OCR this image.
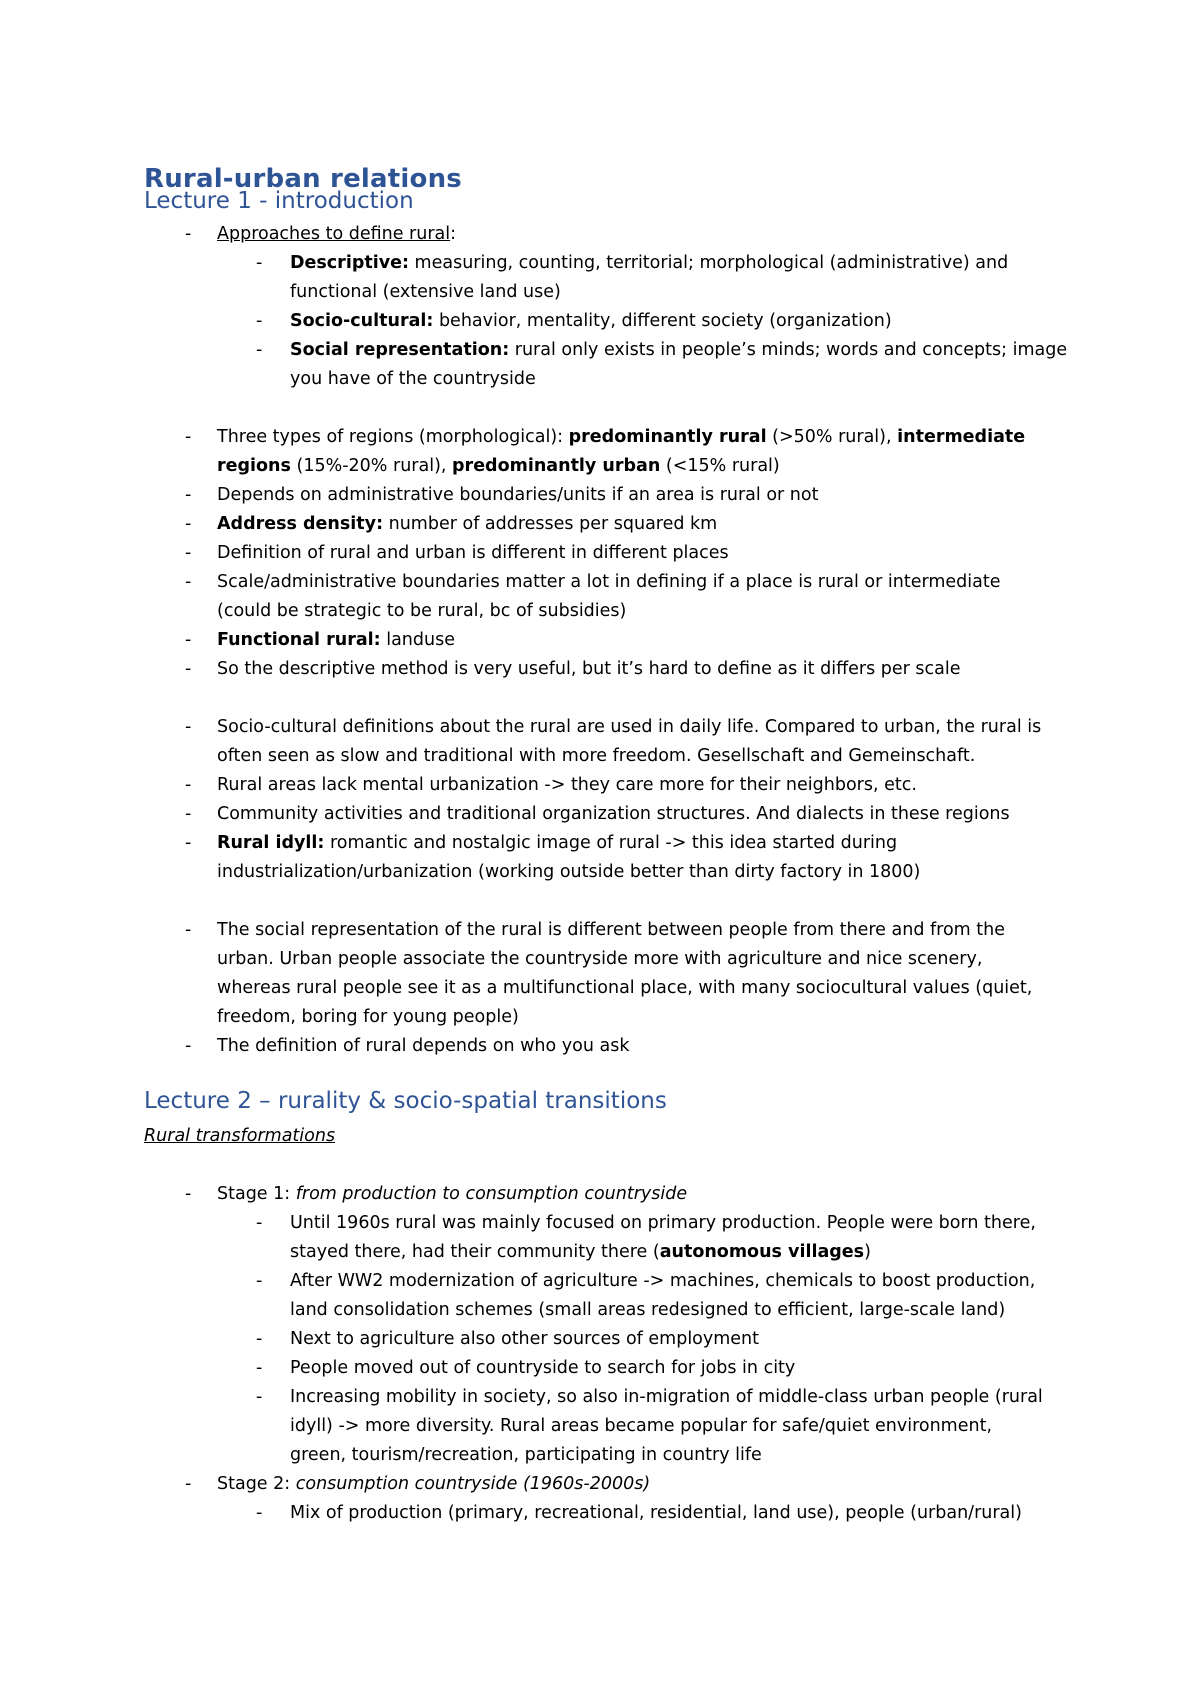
Rural-urban relations
Lecture 1 - introduction
- Approaches to define rural:
- Descriptive: measuring, counting, territorial; morphological (administrative) and
functional (extensive land use)
- Socio-cultural: behavior, mentality, different society (organization)
- Social representation: rural only exists in people’s minds; words and concepts; image
you have of the countryside
- Three types of regions (morphological): predominantly rural (>50% rural), intermediate
regions (15%-20% rural), predominantly urban (<15% rural)
- Depends on administrative boundaries/units if an area is rural or not
- Address density: number of addresses per squared km
- Definition of rural and urban is different in different places
- Scale/administrative boundaries matter a lot in defining if a place is rural or intermediate
(could be strategic to be rural, bc of subsidies)
- Functional rural: landuse
- So the descriptive method is very useful, but it’s hard to define as it differs per scale
- Socio-cultural definitions about the rural are used in daily life. Compared to urban, the rural is
often seen as slow and traditional with more freedom. Gesellschaft and Gemeinschaft.
- Rural areas lack mental urbanization -> they care more for their neighbors, etc.
- Community activities and traditional organization structures. And dialects in these regions
- Rural idyll: romantic and nostalgic image of rural -> this idea started during
industrialization/urbanization (working outside better than dirty factory in 1800)
- The social representation of the rural is different between people from there and from the
urban. Urban people associate the countryside more with agriculture and nice scenery,
whereas rural people see it as a multifunctional place, with many sociocultural values (quiet,
freedom, boring for young people)
- The definition of rural depends on who you ask
Lecture 2 – rurality & socio-spatial transitions
Rural transformations
- Stage 1: from production to consumption countryside
- Until 1960s rural was mainly focused on primary production. People were born there,
stayed there, had their community there (autonomous villages)
- After WW2 modernization of agriculture -> machines, chemicals to boost production,
land consolidation schemes (small areas redesigned to efficient, large-scale land)
- Next to agriculture also other sources of employment
- People moved out of countryside to search for jobs in city
- Increasing mobility in society, so also in-migration of middle-class urban people (rural
idyll) -> more diversity. Rural areas became popular for safe/quiet environment,
green, tourism/recreation, participating in country life
- Stage 2: consumption countryside (1960s-2000s)
- Mix of production (primary, recreational, residential, land use), people (urban/rural)
